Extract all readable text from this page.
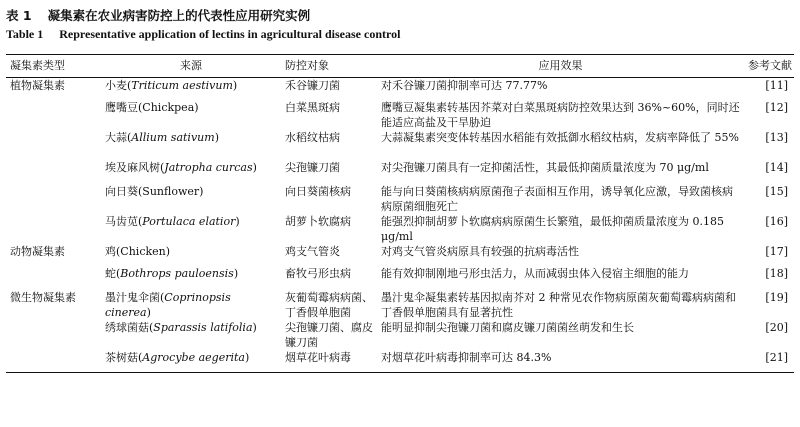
表 1 凝集素在农业病害防控上的代表性应用研究实例
Table 1 Representative application of lectins in agricultural disease control
凝集素类型	来源	防控对象	应用效果	参考文献
植物凝集素	小麦(Triticum aestivum)	禾谷镰刀菌	对禾谷镰刀菌抑制率可达 77.77%	[11]
	鹰嘴豆(Chickpea)	白菜黑斑病	鹰嘴豆凝集素转基因芥菜对白菜黑斑病防控效果达到 36%~60%，同时还能适应高盐及干旱胁迫	[12]
	大蒜(Allium sativum)	水稻纹枯病	大蒜凝集素突变体转基因水稻能有效抵御水稻纹枯病，发病率降低了 55%	[13]
	埃及麻风树(Jatropha curcas)	尖孢镰刀菌	对尖孢镰刀菌具有一定抑菌活性，其最低抑菌质量浓度为 70 μg/ml	[14]
	向日葵(Sunflower)	向日葵菌核病	能与向日葵菌核病病原菌孢子表面相互作用，诱导氧化应激，导致菌核病病原菌细胞死亡	[15]
	马齿苋(Portulaca elatior)	胡萝卜软腐病	能强烈抑制胡萝卜软腐病病原菌生长繁殖，最低抑菌质量浓度为 0.185 μg/ml	[16]
动物凝集素	鸡(Chicken)	鸡支气管炎	对鸡支气管炎病原具有较强的抗病毒活性	[17]
	蛇(Bothrops pauloensis)	畜牧弓形虫病	能有效抑制刚地弓形虫活力，从而减弱虫体入侵宿主细胞的能力	[18]
微生物凝集素	墨汁鬼伞菌(Coprinopsis cinerea)	灰葡萄霉病病菌、丁香假单胞菌	墨汁鬼伞凝集素转基因拟南芥对 2 种常见农作物病原菌灰葡萄霉病病菌和丁香假单胞菌具有显著抗性	[19]
	绣球菌菇(Sparassis latifolia)	尖孢镰刀菌、腐皮镰刀菌	能明显抑制尖孢镰刀菌和腐皮镰刀菌菌丝萌发和生长	[20]
	茶树菇(Agrocybe aegerita)	烟草花叶病毒	对烟草花叶病毒抑制率可达 84.3%	[21]
